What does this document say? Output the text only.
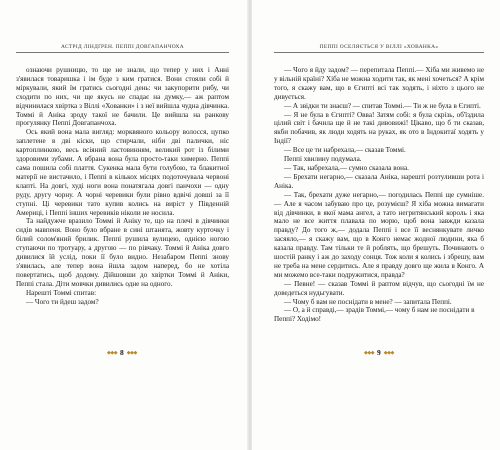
АСТРІД ЛІНДҐРЕН. ПЕППІ ДОВГАПАНЧОХА

ознаючи рушницю, то ще не знали, що тепер у них і Анні з'явилася товаришка і ім буде з ким гратися. Вони стояли собі й міркували, який їм гратись сьогодні день: чи закупорити рибу, чи сходити по них, чи ще якусь не спадає на думку,— аж раптом відчинилася хвіртка з Віллі «Хованки» і з неї вийшла чудна дівчинка. Томмі й Аніка зроду такої не бачили. Це вийшла на ранкову прогулянку Пеппі Довгапанчоха.

Ось який вона мала вигляд: морквяного кольору волосся, цупко заплетене в дві кіски, що стирчали, ніби дві палички, ніс картоплинкою, весь всіяний ластовинням, великий рот із білими здоровими зубами. А вбрана вона була просто-таки химерно. Пеппі сама пошила собі плаття. Сукенка мала бути голубою, та блакитної матерії не вистачило, і Пеппі в кількох місцях подоточувала червоні клапті. На довгі, худі ноги вона понатягала довгі панчохи — одну руду, другу чорну. А чорні черевики були рівно вдвічі довші за її ступні. Ці черевики тато купив колись на виріст у Південній Америці, і Пеппі інших черевиків ніколи не носила.

Та найдужче вразило Томмі й Аніку те, що на плечі в дівчинки сидів мавпеня. Воно було вбране в сині штанята, жовту курточку і білий солом'яний брилик. Пеппі рушила вулицею, однією ногою ступаючи по тротуару, а другою — по рівчаку. Томмі й Аніка довго дивилися їй услід, поки її було видно. Незабаром Пеппі знову з'явилась, але тепер вона йшла задом наперед, бо не хотіла повертатись, щоб додому. Дійшовши до хвіртки Томмі й Аніки, Пеппі стала. Діти мовчки дивились одне на одного.

Нарешті Томмі спитав:

— Чого ти йдеш задом?

◆◆◆ 8 ◆◆◆
ПЕППІ ОСЕЛЯЄТЬСЯ У ВІЛЛІ «ХОВАНКА»

— Чого я йду задом? — перепитала Пеппі.— Хіба ми живемо не у вільній країні? Хіба не можна ходити так, як мені хочеться? А крім того, я скажу вам, що в Єгипті всі так ходять, і ніхто з цього не дивується.

— А звідки ти знаєш? — спитав Томмі.— Ти ж не була в Єгипті.

— Я не була в Єгипті? Овва! Затям собі: я була скрізь, об'їздила цілий світ і бачила ще й не такі дивовижі! Цікаво, що б ти сказав, якби побачив, як люди ходять на руках, як ото в Індокитаї ходять у Індії?

— Все це ти набрехала,— сказав Томмі.

Пеппі хвилину подумала.

— Так, набрехала,— сумно сказала вона.

— Брехати негарно,— сказала Аніка, нарешті розтуливши рота і Аніка.

— Так, брехати дуже негарно,— погодилась Пеппі ще сумніше.— Але я часом забуваю про це, розумієш? Я хіба можна вимагати від дівчинки, в якої мама ангел, а тато негритянський король і яка мало не все життя плавала по морю, щоб вона завжди казала правду? До того ж,— додала Пеппі і все її веснянкувате личко засяяло,— я скажу вам, що в Конго немає жодної людини, яка б казала правду. Там тільки те й роблять, що брешуть. Починають о шостій ранку і аж до заходу сонця. Тож коли я колись і збрешу, вам не треба на мене сердитись. Але я правду довго ще жила в Конго. А ми можемо все-таки подружитися, правда?

— Певне! — сказав Томмі й раптом відчув, що сьогодні їм не доведеться нудьгувати.

— Чому б вам не поснідати в мене? — запитала Пеппі.

— О, а й справді,— зрадів Томмі,— чому б нам не поснідати в Пеппі? Ходімо!

◆◆◆ 9 ◆◆◆
